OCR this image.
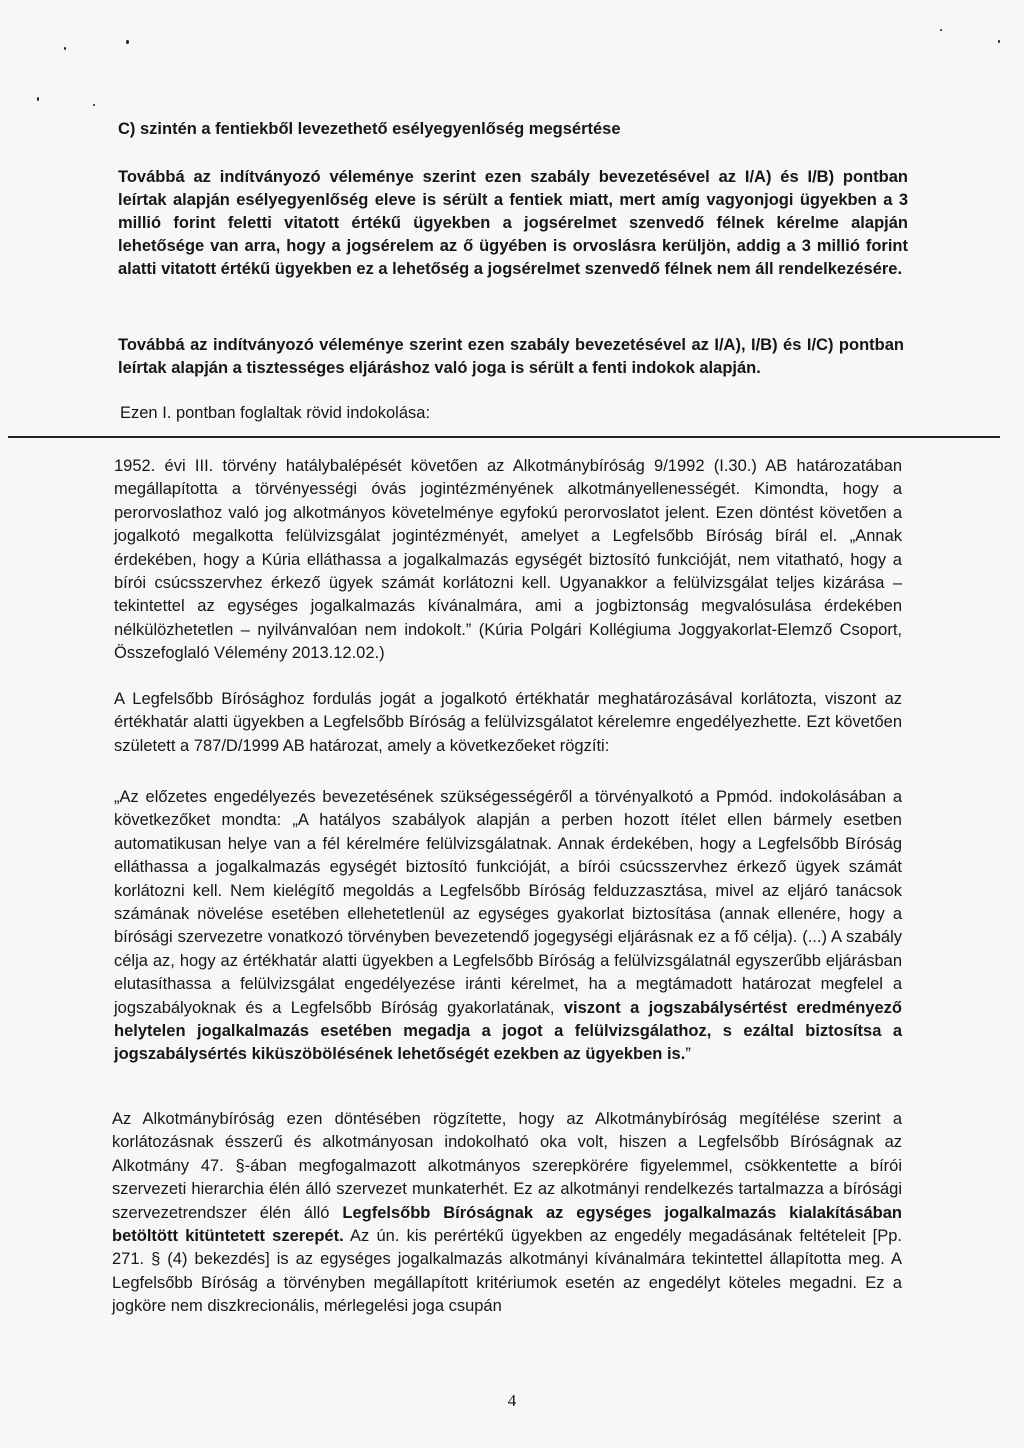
C) szintén a fentiekből levezethető esélyegyenlőség megsértése

Továbbá az indítványozó véleménye szerint ezen szabály bevezetésével az I/A) és I/B) pontban leírtak alapján esélyegyenlőség eleve is sérült a fentiek miatt, mert amíg vagyonjogi ügyekben a 3 millió forint feletti vitatott értékű ügyekben a jogsérelmet szenvedő félnek kérelme alapján lehetősége van arra, hogy a jogsérelem az ő ügyében is orvoslásra kerüljön, addig a 3 millió forint alatti vitatott értékű ügyekben ez a lehetőség a jogsérelmet szenvedő félnek nem áll rendelkezésére.

Továbbá az indítványozó véleménye szerint ezen szabály bevezetésével az I/A), I/B) és I/C) pontban leírtak alapján a tisztességes eljáráshoz való joga is sérült a fenti indokok alapján.

Ezen I. pontban foglaltak rövid indokolása:

1952. évi III. törvény hatálybalépését követően az Alkotmánybíróság 9/1992 (I.30.) AB határozatában megállapította a törvényességi óvás jogintézményének alkotmányellenességét. Kimondta, hogy a perorvoslathoz való jog alkotmányos követelménye egyfokú perorvoslatot jelent. Ezen döntést követően a jogalkotó megalkotta felülvizsgálat jogintézményét, amelyet a Legfelsőbb Bíróság bírál el. „Annak érdekében, hogy a Kúria elláthassa a jogalkalmazás egységét biztosító funkcióját, nem vitatható, hogy a bírói csúcsszervhez érkező ügyek számát korlátozni kell. Ugyanakkor a felülvizsgálat teljes kizárása – tekintettel az egységes jogalkalmazás kívánalmára, ami a jogbiztonság megvalósulása érdekében nélkülözhetetlen – nyilvánvalóan nem indokolt.” (Kúria Polgári Kollégiuma Joggyakorlat-Elemző Csoport, Összefoglaló Vélemény 2013.12.02.)

A Legfelsőbb Bírósághoz fordulás jogát a jogalkotó értékhatár meghatározásával korlátozta, viszont az értékhatár alatti ügyekben a Legfelsőbb Bíróság a felülvizsgálatot kérelemre engedélyezhette. Ezt követően született a 787/D/1999 AB határozat, amely a következőeket rögzíti:

„Az előzetes engedélyezés bevezetésének szükségességéről a törvényalkotó a Ppmód. indokolásában a következőket mondta: „A hatályos szabályok alapján a perben hozott ítélet ellen bármely esetben automatikusan helye van a fél kérelmére felülvizsgálatnak. Annak érdekében, hogy a Legfelsőbb Bíróság elláthassa a jogalkalmazás egységét biztosító funkcióját, a bírói csúcsszervhez érkező ügyek számát korlátozni kell. Nem kielégítő megoldás a Legfelsőbb Bíróság felduzzasztása, mivel az eljáró tanácsok számának növelése esetében ellehetetlenül az egységes gyakorlat biztosítása (annak ellenére, hogy a bírósági szervezetre vonatkozó törvényben bevezetendő jogegységi eljárásnak ez a fő célja). (...) A szabály célja az, hogy az értékhatár alatti ügyekben a Legfelsőbb Bíróság a felülvizsgálatnál egyszerűbb eljárásban elutasíthassa a felülvizsgálat engedélyezése iránti kérelmet, ha a megtámadott határozat megfelel a jogszabályoknak és a Legfelsőbb Bíróság gyakorlatának, viszont a jogszabálysértést eredményező helytelen jogalkalmazás esetében megadja a jogot a felülvizsgálathoz, s ezáltal biztosítsa a jogszabálysértés kiküszöbölésének lehetőségét ezekben az ügyekben is.”

Az Alkotmánybíróság ezen döntésében rögzítette, hogy az Alkotmánybíróság megítélése szerint a korlátozásnak ésszerű és alkotmányosan indokolható oka volt, hiszen a Legfelsőbb Bíróságnak az Alkotmány 47. §-ában megfogalmazott alkotmányos szerepkörére figyelemmel, csökkentette a bírói szervezeti hierarchia élén álló szervezet munkaterhét. Ez az alkotmányi rendelkezés tartalmazza a bírósági szervezetrendszer élén álló Legfelsőbb Bíróságnak az egységes jogalkalmazás kialakításában betöltött kitüntetett szerepét. Az ún. kis perértékű ügyekben az engedély megadásának feltételeit [Pp. 271. § (4) bekezdés] is az egységes jogalkalmazás alkotmányi kívánalmára tekintettel állapította meg. A Legfelsőbb Bíróság a törvényben megállapított kritériumok esetén az engedélyt köteles megadni. Ez a jogköre nem diszkrecionális, mérlegelési joga csupán

4
